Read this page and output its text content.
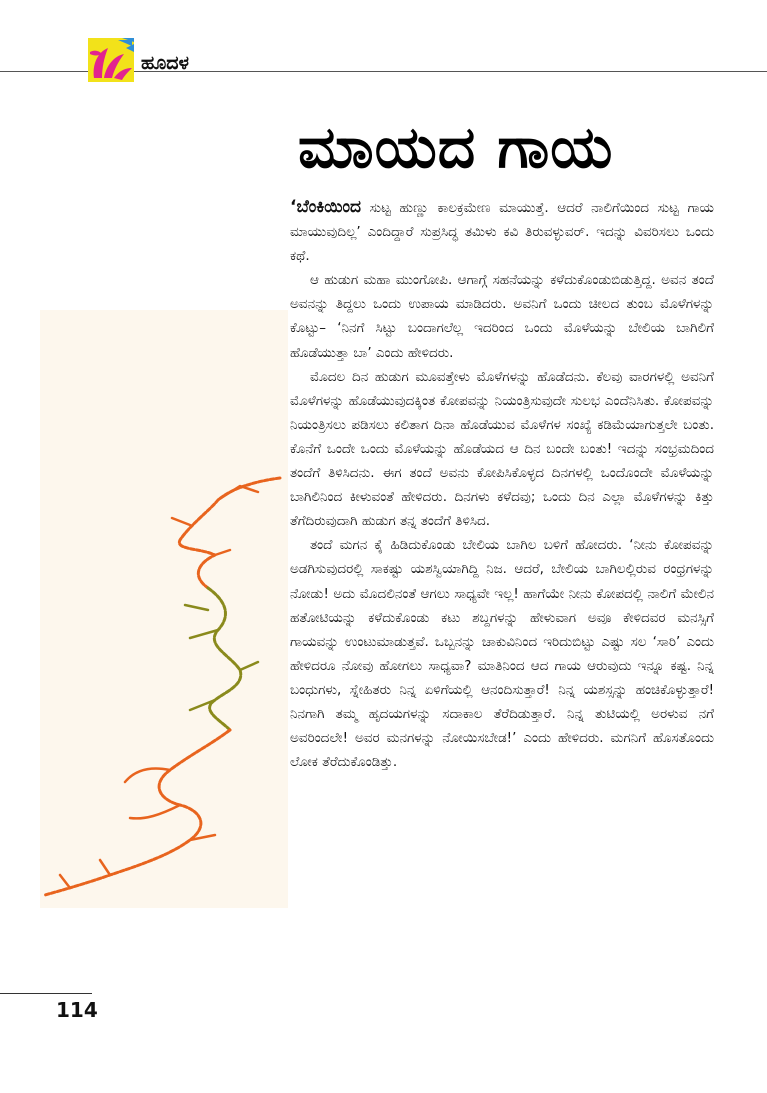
ಹೂದಳ
ಮಾಯದ ಗಾಯ

‘ಬೆಂಕಿಯಿಂದ ಸುಟ್ಟ ಹುಣ್ಣು ಕಾಲಕ್ರಮೇಣ ಮಾಯುತ್ತೆ. ಆದರೆ ನಾಲಿಗೆಯಿಂದ ಸುಟ್ಟ ಗಾಯ ಮಾಯುವುದಿಲ್ಲ’ ಎಂದಿದ್ದಾರೆ ಸುಪ್ರಸಿದ್ಧ ತಮಿಳು ಕವಿ ತಿರುವಳ್ಳುವರ್. ಇದನ್ನು ವಿವರಿಸಲು ಒಂದು ಕಥೆ.

ಆ ಹುಡುಗ ಮಹಾ ಮುಂಗೋಪಿ. ಆಗಾಗ್ಗೆ ಸಹನೆಯನ್ನು ಕಳೆದುಕೊಂಡುಬಿಡುತ್ತಿದ್ದ. ಅವನ ತಂದೆ ಅವನನ್ನು ತಿದ್ದಲು ಒಂದು ಉಪಾಯ ಮಾಡಿದರು. ಅವನಿಗೆ ಒಂದು ಚೀಲದ ತುಂಬ ಮೊಳೆಗಳನ್ನು ಕೊಟ್ಟು– ‘ನಿನಗೆ ಸಿಟ್ಟು ಬಂದಾಗಲೆಲ್ಲ ಇದರಿಂದ ಒಂದು ಮೊಳೆಯನ್ನು ಬೇಲಿಯ ಬಾಗಿಲಿಗೆ ಹೊಡೆಯುತ್ತಾ ಬಾ’ ಎಂದು ಹೇಳಿದರು.

ಮೊದಲ ದಿನ ಹುಡುಗ ಮೂವತ್ತೇಳು ಮೊಳೆಗಳನ್ನು ಹೊಡೆದನು. ಕೆಲವು ವಾರಗಳಲ್ಲಿ ಅವನಿಗೆ ಮೊಳೆಗಳನ್ನು ಹೊಡೆಯುವುದಕ್ಕಿಂತ ಕೋಪವನ್ನು ನಿಯಂತ್ರಿಸುವುದೇ ಸುಲಭ ಎಂದೆನಿಸಿತು. ಕೋಪವನ್ನು ನಿಯಂತ್ರಿಸಲು ಪಡಿಸಲು ಕಲಿತಾಗ ದಿನಾ ಹೊಡೆಯುವ ಮೊಳೆಗಳ ಸಂಖ್ಯೆ ಕಡಿಮೆಯಾಗುತ್ತಲೇ ಬಂತು. ಕೊನೆಗೆ ಒಂದೇ ಒಂದು ಮೊಳೆಯನ್ನು ಹೊಡೆಯದ ಆ ದಿನ ಬಂದೇ ಬಂತು! ಇದನ್ನು ಸಂಭ್ರಮದಿಂದ ತಂದೆಗೆ ತಿಳಿಸಿದನು. ಈಗ ತಂದೆ ಅವನು ಕೋಪಿಸಿಕೊಳ್ಳದ ದಿನಗಳಲ್ಲಿ ಒಂದೊಂದೇ ಮೊಳೆಯನ್ನು ಬಾಗಿಲಿನಿಂದ ಕೀಳುವಂತೆ ಹೇಳಿದರು. ದಿನಗಳು ಕಳೆದವು; ಒಂದು ದಿನ ಎಲ್ಲಾ ಮೊಳೆಗಳನ್ನು ಕಿತ್ತು ತೆಗೆದಿರುವುದಾಗಿ ಹುಡುಗ ತನ್ನ ತಂದೆಗೆ ತಿಳಿಸಿದ.

ತಂದೆ ಮಗನ ಕೈ ಹಿಡಿದುಕೊಂಡು ಬೇಲಿಯ ಬಾಗಿಲ ಬಳಿಗೆ ಹೋದರು. ‘ನೀನು ಕೋಪವನ್ನು ಅಡಗಿಸುವುದರಲ್ಲಿ ಸಾಕಷ್ಟು ಯಶಸ್ವಿಯಾಗಿದ್ದಿ ನಿಜ. ಆದರೆ, ಬೇಲಿಯ ಬಾಗಿಲಲ್ಲಿರುವ ರಂಧ್ರಗಳನ್ನು ನೋಡು! ಅದು ಮೊದಲಿನಂತೆ ಆಗಲು ಸಾಧ್ಯವೇ ಇಲ್ಲ! ಹಾಗೆಯೇ ನೀನು ಕೋಪದಲ್ಲಿ ನಾಲಿಗೆ ಮೇಲಿನ ಹತೋಟಿಯನ್ನು ಕಳೆದುಕೊಂಡು ಕಟು ಶಬ್ದಗಳನ್ನು ಹೇಳುವಾಗ ಅವೂ ಕೇಳಿದವರ ಮನಸ್ಸಿಗೆ ಗಾಯವನ್ನು ಉಂಟುಮಾಡುತ್ತವೆ. ಒಬ್ಬನನ್ನು ಚಾಕುವಿನಿಂದ ಇರಿದುಬಿಟ್ಟು ಎಷ್ಟು ಸಲ ‘ಸಾರಿ’ ಎಂದು ಹೇಳಿದರೂ ನೋವು ಹೋಗಲು ಸಾಧ್ಯವಾ? ಮಾತಿನಿಂದ ಆದ ಗಾಯ ಆರುವುದು ಇನ್ನೂ ಕಷ್ಟ. ನಿನ್ನ ಬಂಧುಗಳು, ಸ್ನೇಹಿತರು ನಿನ್ನ ಏಳಿಗೆಯಲ್ಲಿ ಆನಂದಿಸುತ್ತಾರೆ! ನಿನ್ನ ಯಶಸ್ಸನ್ನು ಹಂಚಿಕೊಳ್ಳುತ್ತಾರೆ! ನಿನಗಾಗಿ ತಮ್ಮ ಹೃದಯಗಳನ್ನು ಸದಾಕಾಲ ತೆರೆದಿಡುತ್ತಾರೆ. ನಿನ್ನ ತುಟಿಯಲ್ಲಿ ಅರಳುವ ನಗೆ ಅವರಿಂದಲೇ! ಅವರ ಮನಗಳನ್ನು ನೋಯಿಸಬೇಡ!’ ಎಂದು ಹೇಳಿದರು. ಮಗನಿಗೆ ಹೊಸತೊಂದು ಲೋಕ ತೆರೆದುಕೊಂಡಿತ್ತು.

114
